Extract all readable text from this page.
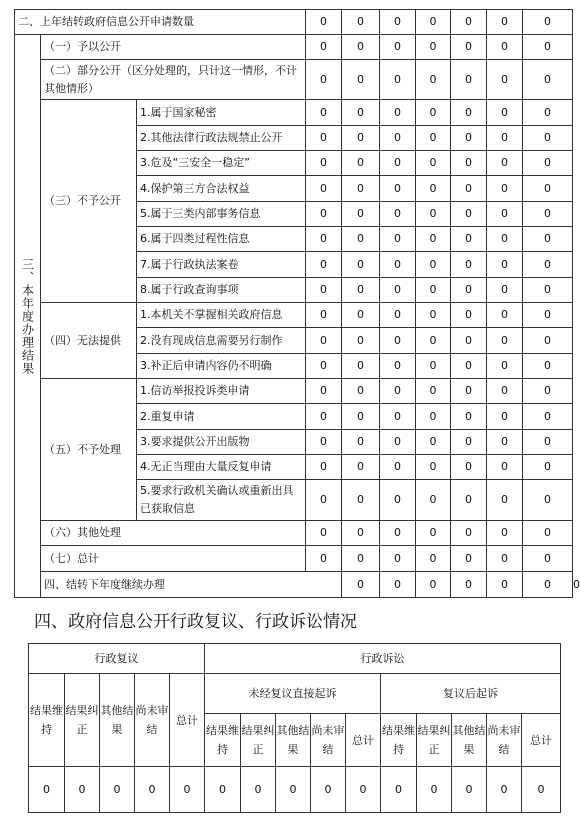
二、上年结转政府信息公开申请数量			0	0	0	0	0	0	0	
三、本年度办理结果	（一）予以公开		0	0	0	0	0	0	0	
	（二）部分公开（区分处理的，只计这一情形，不计其他情形）		0	0	0	0	0	0	0	
	（三）不予公开	1.属于国家秘密	0	0	0	0	0	0	0	
		2.其他法律行政法规禁止公开	0	0	0	0	0	0	0	
		3.危及“三安全一稳定”	0	0	0	0	0	0	0	
		4.保护第三方合法权益	0	0	0	0	0	0	0	
		5.属于三类内部事务信息	0	0	0	0	0	0	0	
		6.属于四类过程性信息	0	0	0	0	0	0	0	
		7.属于行政执法案卷	0	0	0	0	0	0	0	
		8.属于行政查询事项	0	0	0	0	0	0	0	
	（四）无法提供	1.本机关不掌握相关政府信息	0	0	0	0	0	0	0	
		2.没有现成信息需要另行制作	0	0	0	0	0	0	0	
		3.补正后申请内容仍不明确	0	0	0	0	0	0	0	
	（五）不予处理	1.信访举报投诉类申请	0	0	0	0	0	0	0	
		2.重复申请	0	0	0	0	0	0	0	
		3.要求提供公开出版物	0	0	0	0	0	0	0	
		4.无正当理由大量反复申请	0	0	0	0	0	0	0	
		5.要求行政机关确认或重新出具已获取信息	0	0	0	0	0	0	0	
	（六）其他处理		0	0	0	0	0	0	0	
	（七）总计		0	0	0	0	0	0	0	
	四、结转下年度继续办理			0	0	0	0	0	0	0
四、政府信息公开行政复议、行政诉讼情况
行政复议					行政诉讼									
结果维持	结果纠正	其他结果	尚未审结	总计	未经复议直接起诉					复议后起诉				
					结果维持	结果纠正	其他结果	尚未审结	总计	结果维持	结果纠正	其他结果	尚未审结	总计
0	0	0	0	0	0	0	0	0	0	0	0	0	0	0
